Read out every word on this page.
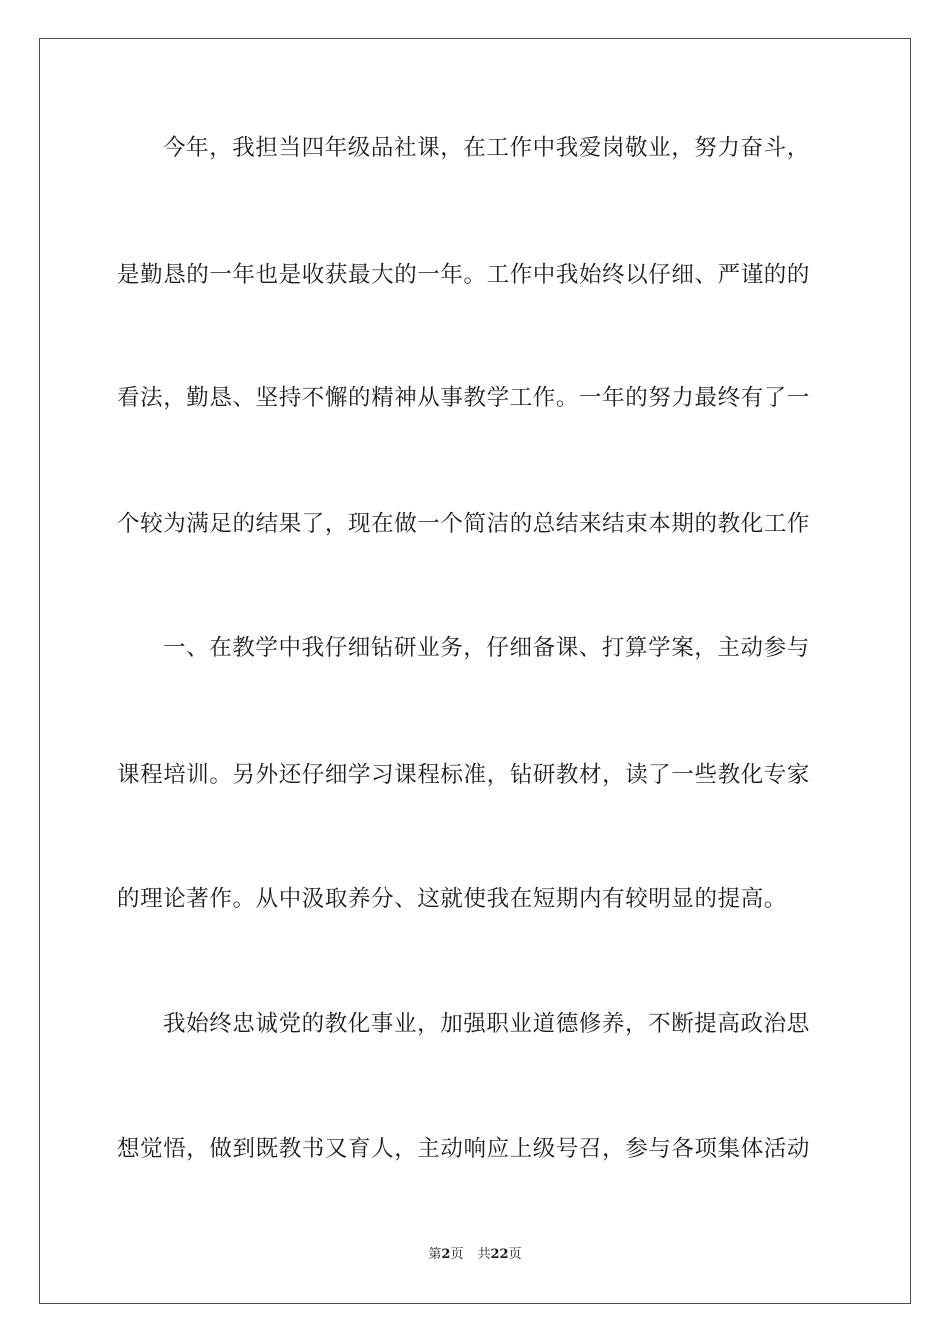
今年，我担当四年级品社课，在工作中我爱岗敬业，努力奋斗，
是勤恳的一年也是收获最大的一年。工作中我始终以仔细、严谨的的
看法，勤恳、坚持不懈的精神从事教学工作。一年的努力最终有了一
个较为满足的结果了，现在做一个简洁的总结来结束本期的教化工作
一、在教学中我仔细钻研业务，仔细备课、打算学案，主动参与
课程培训。另外还仔细学习课程标准，钻研教材，读了一些教化专家
的理论著作。从中汲取养分、这就使我在短期内有较明显的提高。
我始终忠诚党的教化事业，加强职业道德修养，不断提高政治思
想觉悟，做到既教书又育人，主动响应上级号召，参与各项集体活动
第2页 共22页
